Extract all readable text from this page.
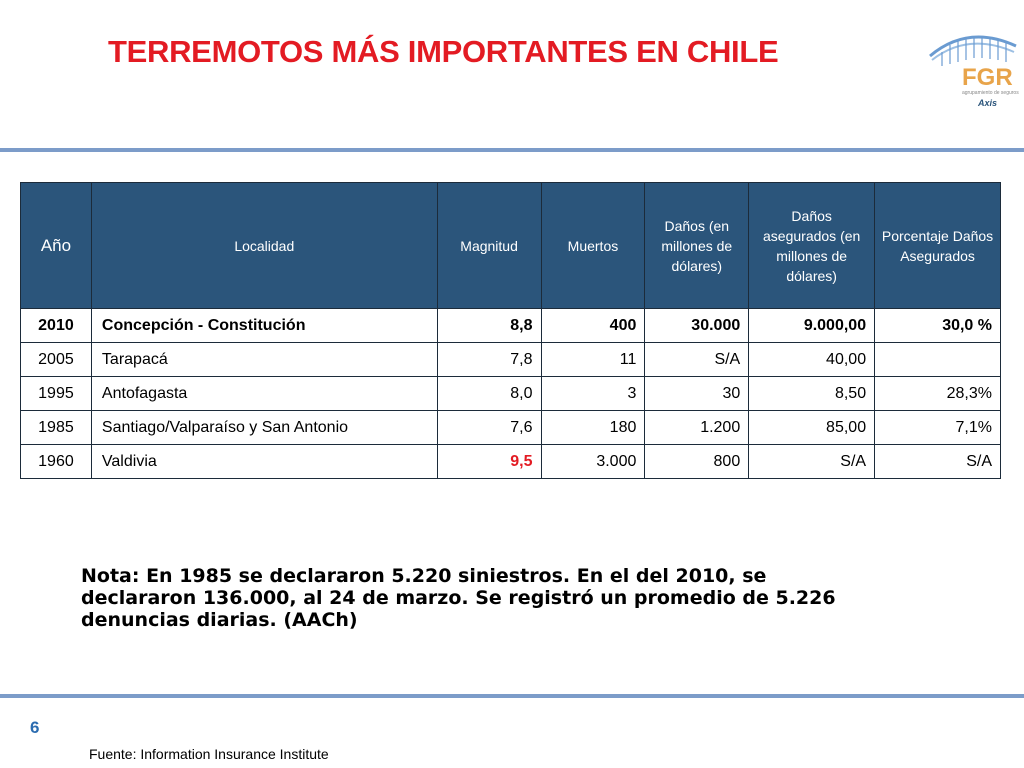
TERREMOTOS MÁS IMPORTANTES EN CHILE
FGR
agrupamiento de seguros
Axis
Año	Localidad	Magnitud	Muertos	Daños (en millones de dólares)	Daños asegurados (en millones de dólares)	Porcentaje Daños Asegurados
2010	Concepción - Constitución	8,8	400	30.000	9.000,00	30,0 %
2005	Tarapacá	7,8	11	S/A	40,00	
1995	Antofagasta	8,0	3	30	8,50	28,3%
1985	Santiago/Valparaíso y San Antonio	7,6	180	1.200	85,00	7,1%
1960	Valdivia	9,5	3.000	800	S/A	S/A
Nota: En 1985 se declararon 5.220 siniestros. En el del 2010, se declararon 136.000, al 24 de marzo. Se registró un promedio de 5.226 denuncias diarias. (AACh)
6
Fuente: Information Insurance Institute
